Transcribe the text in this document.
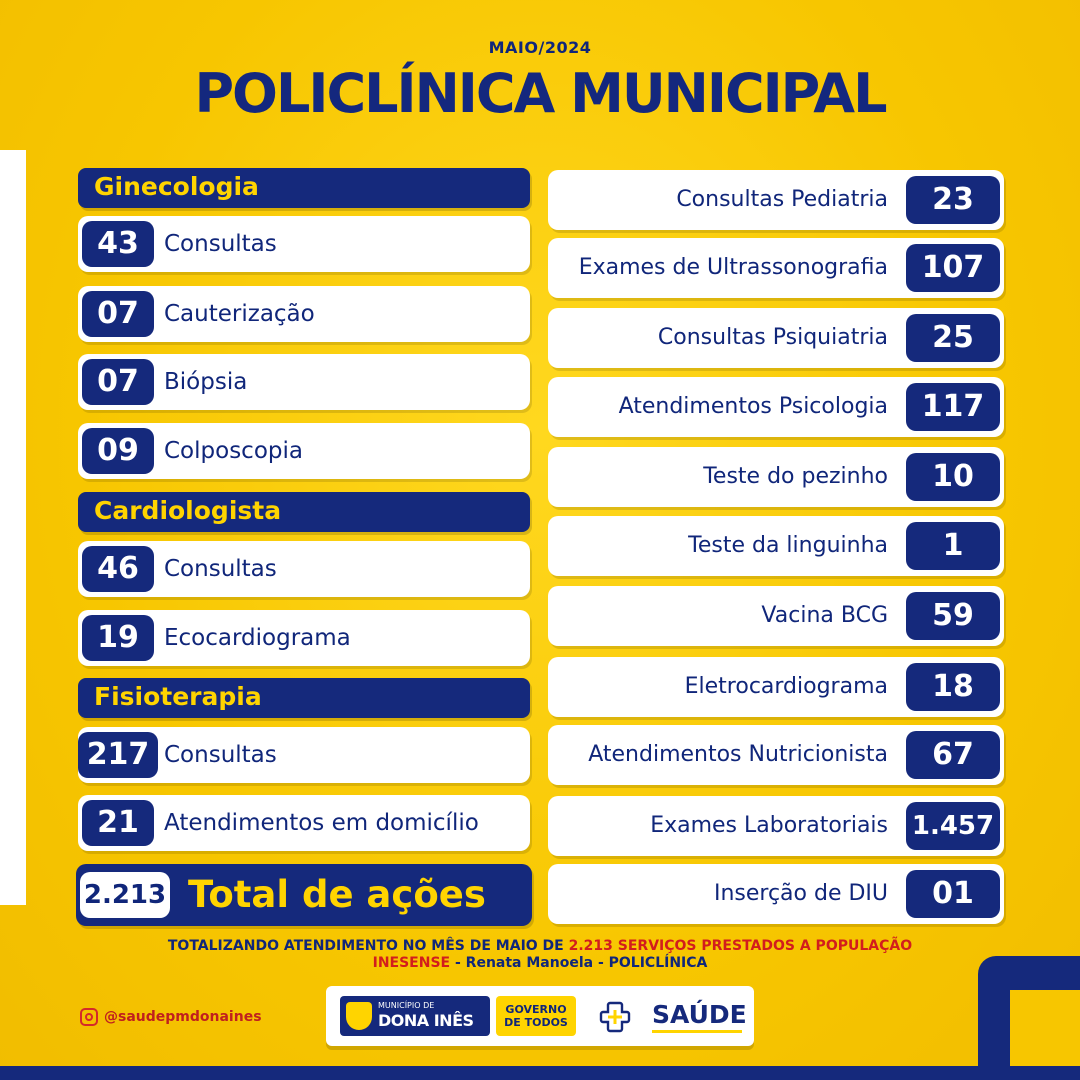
MAIO/2024
POLICLÍNICA MUNICIPAL
Ginecologia
43	Consultas
07	Cauterização
07	Biópsia
09	Colposcopia
Cardiologista
46	Consultas
19	Ecocardiograma
Fisioterapia
217 Consultas
21	Atendimentos em domicílio
2.213 Total de ações
Consultas Pediatria	23
Exames de Ultrassonografia	107
Consultas Psiquiatria	25
Atendimentos Psicologia	117
Teste do pezinho	10
Teste da linguinha	1
Vacina BCG	59
Eletrocardiograma	18
Atendimentos Nutricionista	67
Exames Laboratoriais 1.457
Inserção de DIU	01
TOTALIZANDO ATENDIMENTO NO MÊS DE MAIO DE 2.213 SERVIÇOS PRESTADOS A POPULAÇÃO
INESENSE - Renata Manoela - POLICLÍNICA
@saudepmdonaines
MUNICÍPIO DE
DONA INÊS
GOVERNO
DE TODOS	SAÚDE
